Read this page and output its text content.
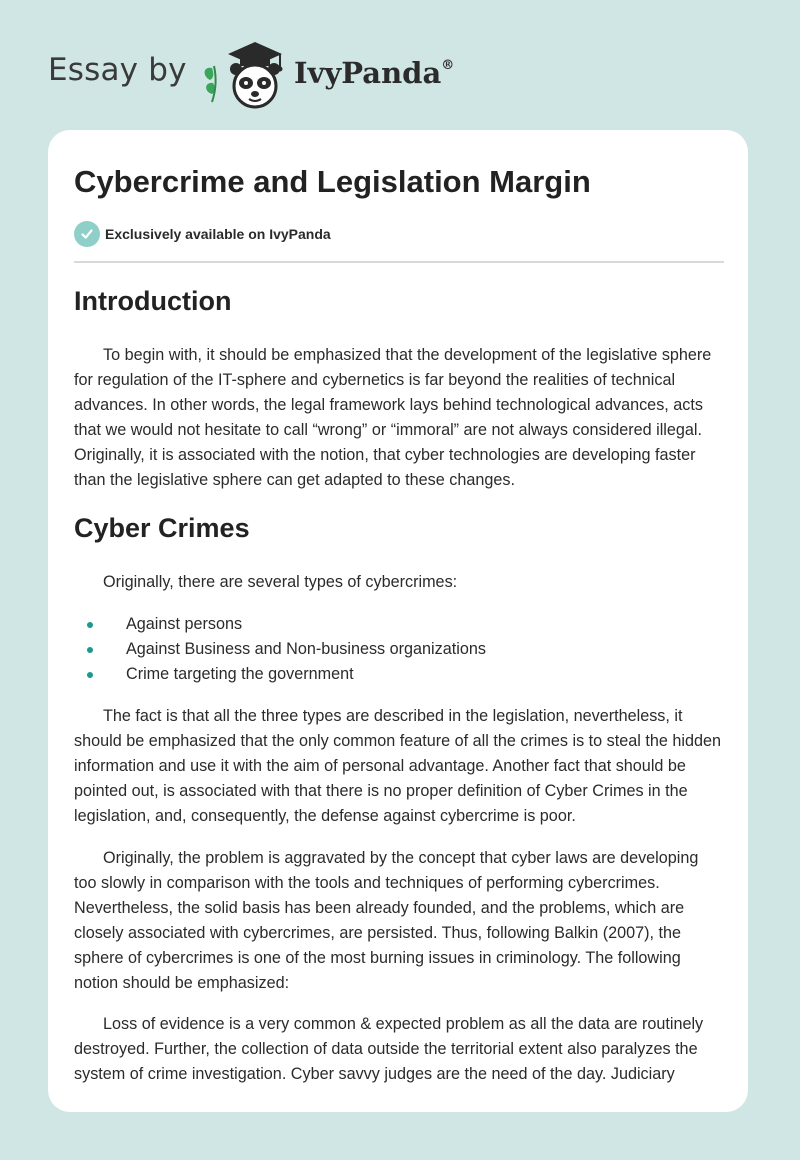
Essay by	IvyPanda®
Cybercrime and Legislation Margin
Exclusively available on IvyPanda
Introduction

To begin with, it should be emphasized that the development of the legislative sphere for regulation of the IT-sphere and cybernetics is far beyond the realities of technical advances. In other words, the legal framework lays behind technological advances, acts that we would not hesitate to call “wrong” or “immoral” are not always considered illegal. Originally, it is associated with the notion, that cyber technologies are developing faster than the legislative sphere can get adapted to these changes.

Cyber Crimes

Originally, there are several types of cybercrimes:

Against persons
Against Business and Non-business organizations
Crime targeting the government

The fact is that all the three types are described in the legislation, nevertheless, it should be emphasized that the only common feature of all the crimes is to steal the hidden information and use it with the aim of personal advantage. Another fact that should be pointed out, is associated with that there is no proper definition of Cyber Crimes in the legislation, and, consequently, the defense against cybercrime is poor.

Originally, the problem is aggravated by the concept that cyber laws are developing too slowly in comparison with the tools and techniques of performing cybercrimes. Nevertheless, the solid basis has been already founded, and the problems, which are closely associated with cybercrimes, are persisted. Thus, following Balkin (2007), the sphere of cybercrimes is one of the most burning issues in criminology. The following notion should be emphasized:

Loss of evidence is a very common & expected problem as all the data are routinely destroyed. Further, the collection of data outside the territorial extent also paralyzes the system of crime investigation. Cyber savvy judges are the need of the day. Judiciary
